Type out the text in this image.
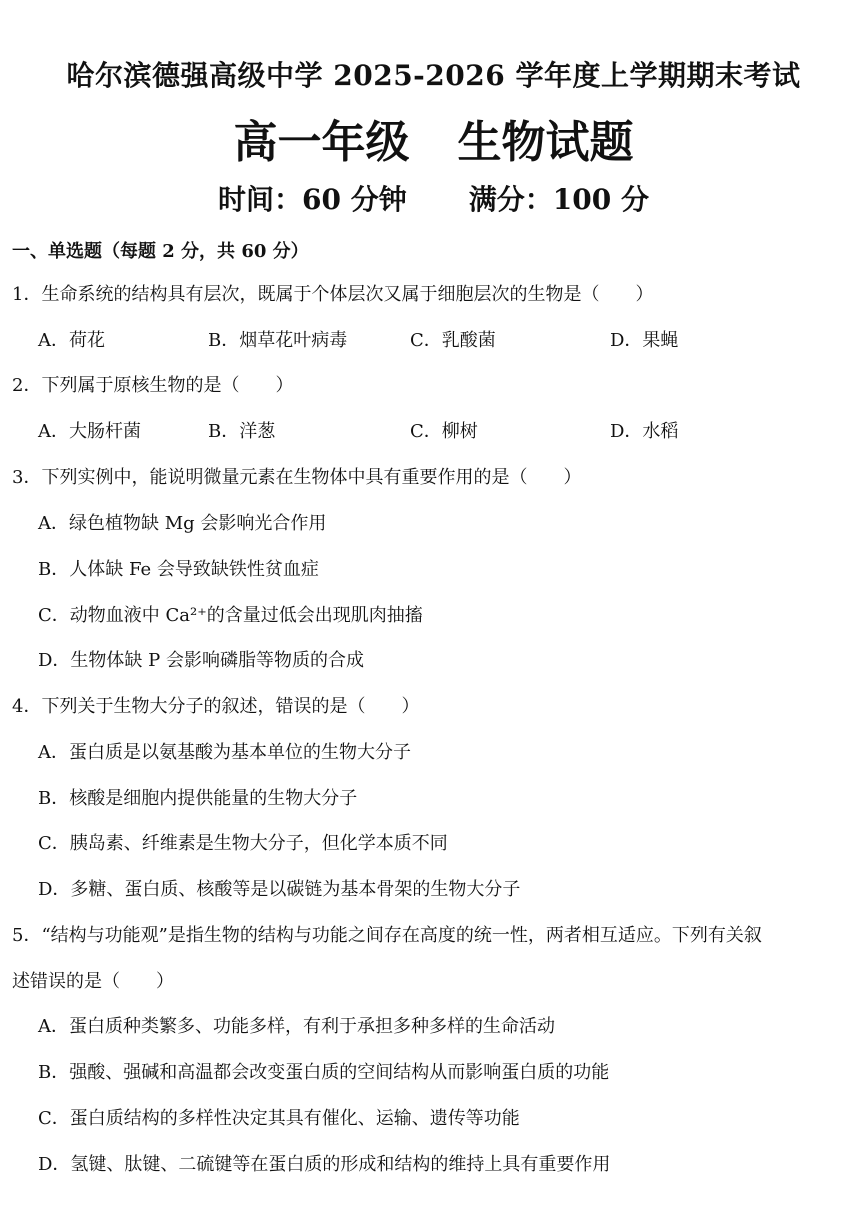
哈尔滨德强高级中学 2025-2026 学年度上学期期末考试
高一年级 生物试题
时间：60 分钟 满分：100 分
一、单选题（每题 2 分，共 60 分）
1．生命系统的结构具有层次，既属于个体层次又属于细胞层次的生物是（　　）
A．荷花	B．烟草花叶病毒	C．乳酸菌	D．果蝇
2．下列属于原核生物的是（　　）
A．大肠杆菌	B．洋葱	C．柳树	D．水稻
3．下列实例中，能说明微量元素在生物体中具有重要作用的是（　　）
A．绿色植物缺 Mg 会影响光合作用
B．人体缺 Fe 会导致缺铁性贫血症
C．动物血液中 Ca²⁺的含量过低会出现肌肉抽搐
D．生物体缺 P 会影响磷脂等物质的合成
4．下列关于生物大分子的叙述，错误的是（　　）
A．蛋白质是以氨基酸为基本单位的生物大分子
B．核酸是细胞内提供能量的生物大分子
C．胰岛素、纤维素是生物大分子，但化学本质不同
D．多糖、蛋白质、核酸等是以碳链为基本骨架的生物大分子
5．“结构与功能观”是指生物的结构与功能之间存在高度的统一性，两者相互适应。下列有关叙
述错误的是（　　）
A．蛋白质种类繁多、功能多样，有利于承担多种多样的生命活动
B．强酸、强碱和高温都会改变蛋白质的空间结构从而影响蛋白质的功能
C．蛋白质结构的多样性决定其具有催化、运输、遗传等功能
D．氢键、肽键、二硫键等在蛋白质的形成和结构的维持上具有重要作用
